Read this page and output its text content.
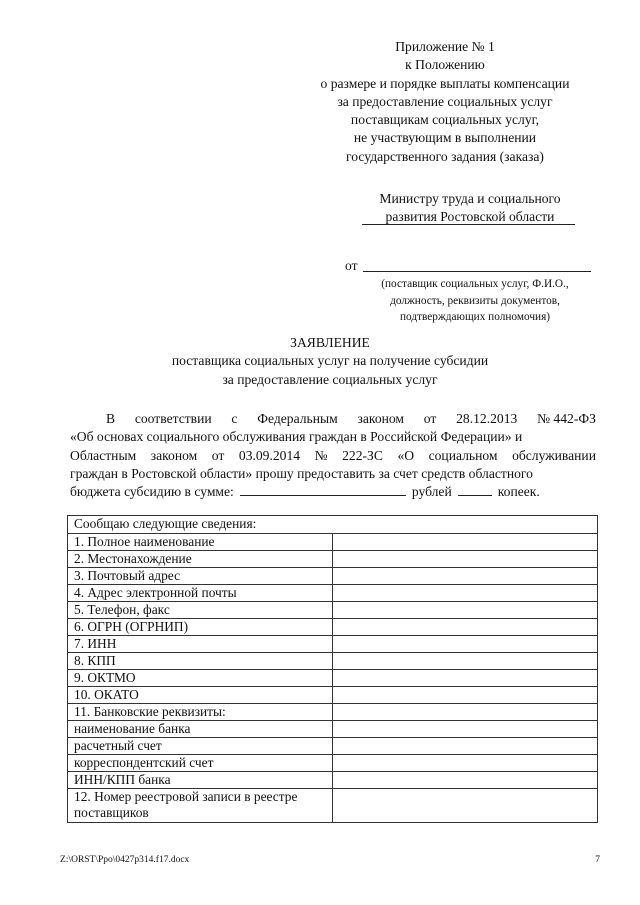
Приложение № 1
к Положению
о размере и порядке выплаты компенсации
за предоставление социальных услуг
поставщикам социальных услуг,
не участвующим в выполнении
государственного задания (заказа)
Министру труда и социального
развития Ростовской области
от
(поставщик социальных услуг, Ф.И.О.,
должность, реквизиты документов,
подтверждающих полномочия)
ЗАЯВЛЕНИЕ
поставщика социальных услуг на получение субсидии
за предоставление социальных услуг
В соответствии с Федеральным законом от 28.12.2013 № 442-ФЗ
«Об основах социального обслуживания граждан в Российской Федерации» и
Областным законом от 03.09.2014 № 222-ЗС «О социальном обслуживании
граждан в Ростовской области» прошу предоставить за счет средств областного
бюджета субсидию в сумме:	рублей	копеек.
Сообщаю следующие сведения:	
1. Полное наименование	
2. Местонахождение	
3. Почтовый адрес	
4. Адрес электронной почты	
5. Телефон, факс	
6. ОГРН (ОГРНИП)	
7. ИНН	
8. КПП	
9. ОКТМО	
10. ОКАТО	
11. Банковские реквизиты:	
наименование банка	
расчетный счет	
корреспондентский счет	
ИНН/КПП банка	

12. Номер реестровой записи в реестре
поставщиков	

Z:\ORST\Ppo\0427p314.f17.docx	7
